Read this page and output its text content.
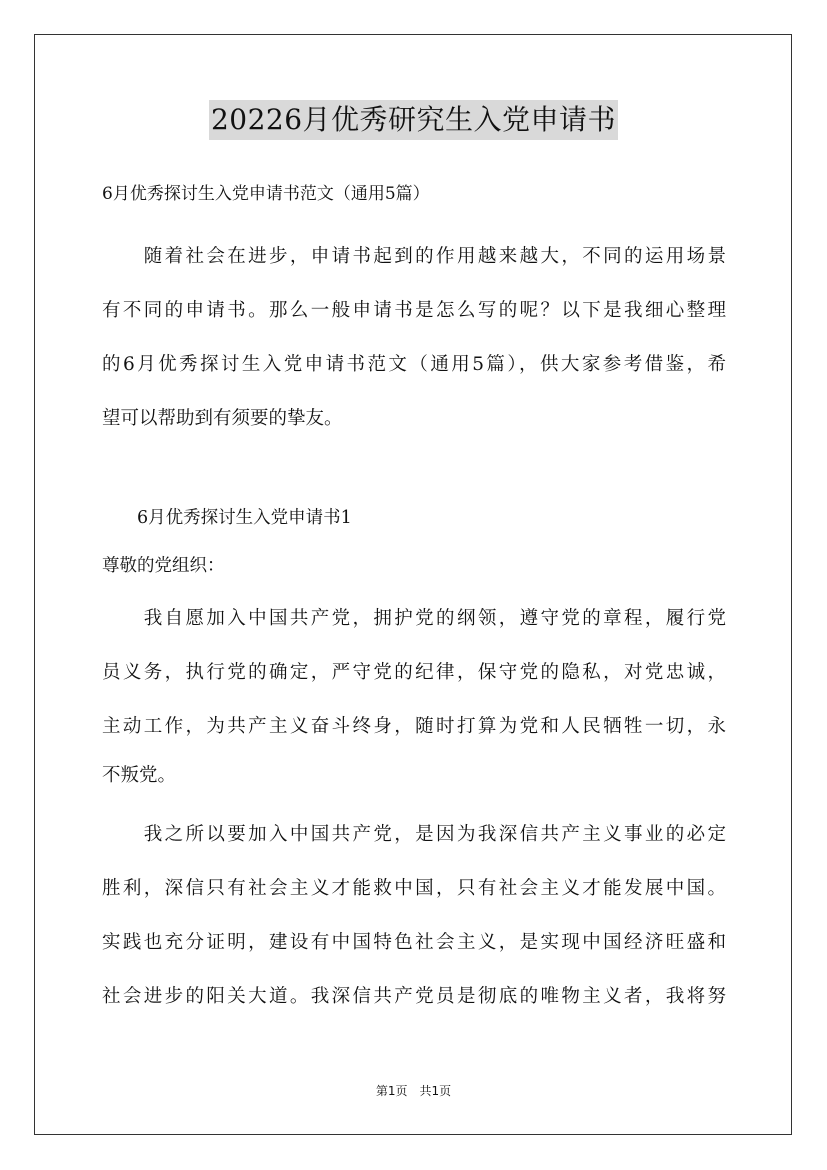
20226月优秀研究生入党申请书

6月优秀探讨生入党申请书范文（通用5篇）

　　随着社会在进步，申请书起到的作用越来越大，不同的运用场景
有不同的申请书。那么一般申请书是怎么写的呢？以下是我细心整理
的6月优秀探讨生入党申请书范文（通用5篇），供大家参考借鉴，希
望可以帮助到有须要的挚友。

　　6月优秀探讨生入党申请书1

尊敬的党组织：

　　我自愿加入中国共产党，拥护党的纲领，遵守党的章程，履行党
员义务，执行党的确定，严守党的纪律，保守党的隐私，对党忠诚，
主动工作，为共产主义奋斗终身，随时打算为党和人民牺牲一切，永
不叛党。
　　我之所以要加入中国共产党，是因为我深信共产主义事业的必定
胜利，深信只有社会主义才能救中国，只有社会主义才能发展中国。
实践也充分证明，建设有中国特色社会主义，是实现中国经济旺盛和
社会进步的阳关大道。我深信共产党员是彻底的唯物主义者，我将努
第1页　共1页
